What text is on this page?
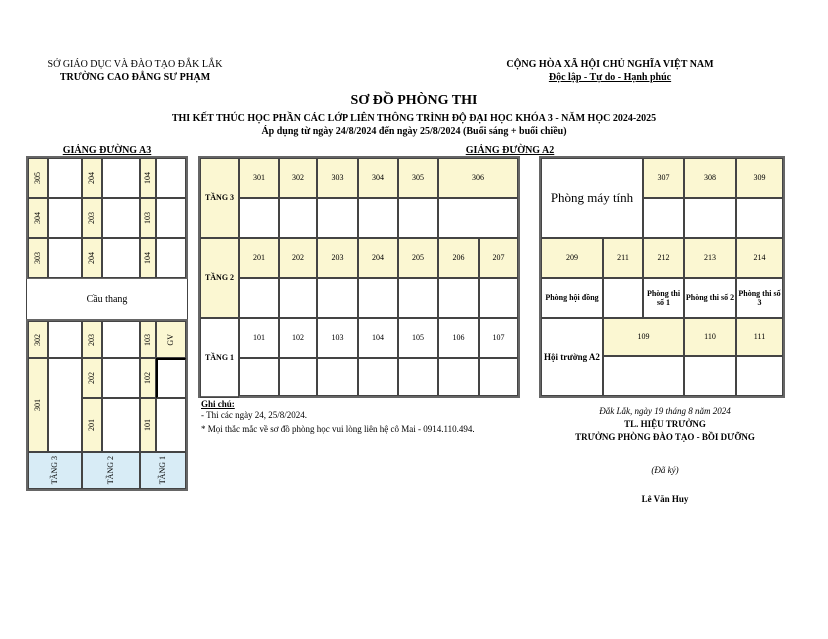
SỞ GIÁO DỤC VÀ ĐÀO TẠO ĐẮK LẮK
TRƯỜNG CAO ĐẲNG SƯ PHẠM
CỘNG HÒA XÃ HỘI CHỦ NGHĨA VIỆT NAM
Độc lập - Tự do - Hạnh phúc
SƠ ĐỒ PHÒNG THI
THI KẾT THÚC HỌC PHẦN CÁC LỚP LIÊN THÔNG TRÌNH ĐỘ ĐẠI HỌC KHÓA 3 - NĂM HỌC 2024-2025
Áp dụng từ ngày 24/8/2024 đến ngày 25/8/2024 (Buổi sáng + buổi chiều)
GIẢNG ĐƯỜNG A3
305	204	104
304	203	103
303	204	104
Cầu thang
302	203	103 GV
301
202	102
201	101
TẦNG 3	TẦNG 2	TẦNG 1
GIẢNG ĐƯỜNG A2
TẦNG 3
301	302	303	304	305	306
TẦNG 2
201	202	203	204	205	206	207
TẦNG 1
101	102	103	104	105	106	107
Phòng máy tính
307	308	309
209	211	212	213	214
Phòng hội đồng
Phòng thi số 1
Phòng thi số 2
Phòng thi số 3
Hội trường A2
109	110	111
Ghi chú:
- Thi các ngày 24, 25/8/2024.
* Mọi thắc mắc về sơ đồ phòng học vui lòng liên hệ cô Mai - 0914.110.494.
Đắk Lắk, ngày 19 tháng 8 năm 2024
TL. HIỆU TRƯỞNG
TRƯỞNG PHÒNG ĐÀO TẠO - BỒI DƯỠNG
(Đã ký)
Lê Văn Huy
